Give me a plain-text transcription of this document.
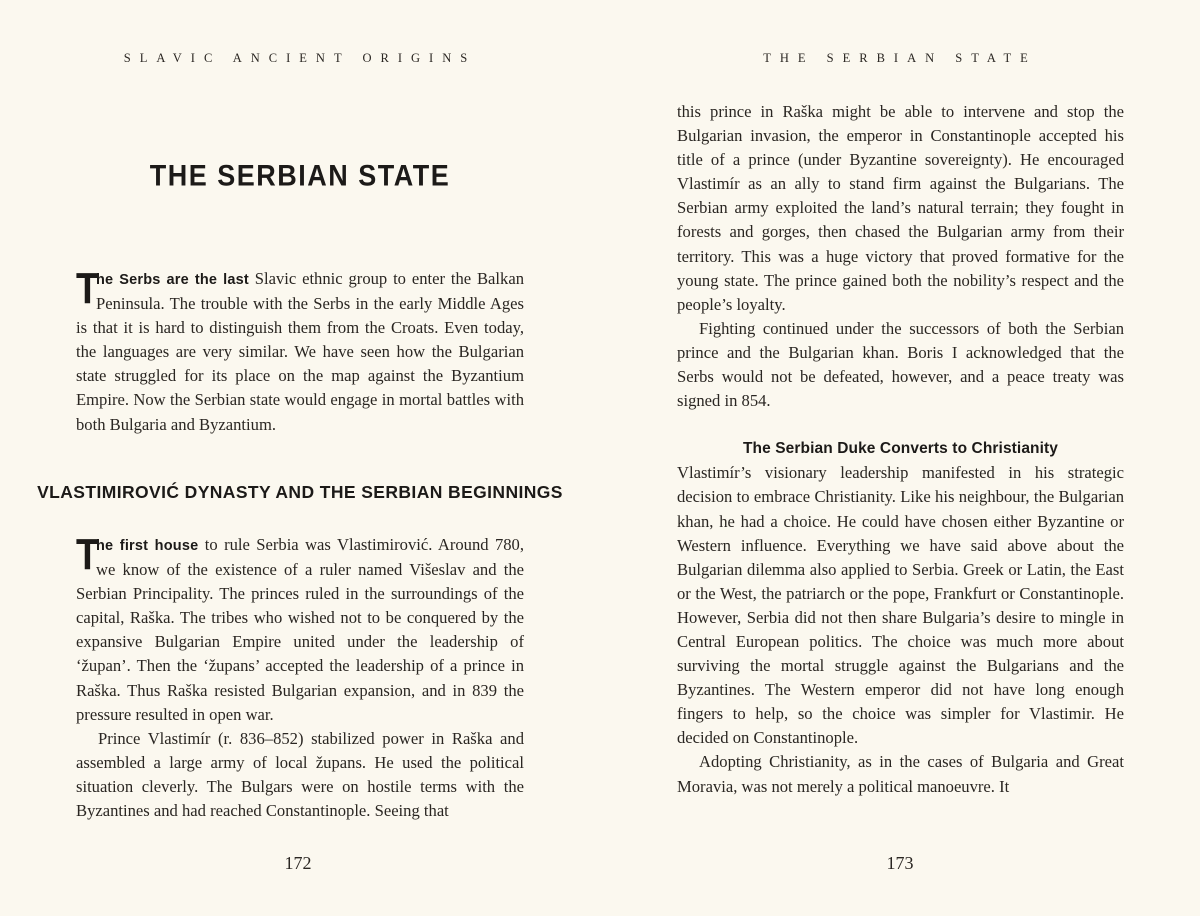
SLAVIC ANCIENT ORIGINS
THE SERBIAN STATE

T
he Serbs are the last Slavic ethnic group to enter the Balkan Peninsula. The trouble with the Serbs in the early Middle Ages is that it is hard to distinguish them from the Croats. Even today, the languages are very similar. We have seen how the Bulgarian state struggled for its place on the map against the Byzantium Empire. Now the Serbian state would engage in mortal battles with both Bulgaria and Byzantium.

VLASTIMIROVIĆ DYNASTY AND THE SERBIAN BEGINNINGS

T
he first house to rule Serbia was Vlastimirović. Around 780, we know of the existence of a ruler named Višeslav and the Serbian Principality. The princes ruled in the surroundings of the capital, Raška. The tribes who wished not to be conquered by the expansive Bulgarian Empire united under the leadership of ‘župan’. Then the ‘župans’ accepted the leadership of a prince in Raška. Thus Raška resisted Bulgarian expansion, and in 839 the pressure resulted in open war.

Prince Vlastimír (r. 836–852) stabilized power in Raška and assembled a large army of local župans. He used the political situation cleverly. The Bulgars were on hostile terms with the Byzantines and had reached Constantinople. Seeing that

172
THE SERBIAN STATE
173

this prince in Raška might be able to intervene and stop the Bulgarian invasion, the emperor in Constantinople accepted his title of a prince (under Byzantine sovereignty). He encouraged Vlastimír as an ally to stand firm against the Bulgarians. The Serbian army exploited the land’s natural terrain; they fought in forests and gorges, then chased the Bulgarian army from their territory. This was a huge victory that proved formative for the young state. The prince gained both the nobility’s respect and the people’s loyalty.

Fighting continued under the successors of both the Serbian prince and the Bulgarian khan. Boris I acknowledged that the Serbs would not be defeated, however, and a peace treaty was signed in 854.

The Serbian Duke Converts to Christianity

Vlastimír’s visionary leadership manifested in his strategic decision to embrace Christianity. Like his neighbour, the Bulgarian khan, he had a choice. He could have chosen either Byzantine or Western influence. Everything we have said above about the Bulgarian dilemma also applied to Serbia. Greek or Latin, the East or the West, the patriarch or the pope, Frankfurt or Constantinople. However, Serbia did not then share Bulgaria’s desire to mingle in Central European politics. The choice was much more about surviving the mortal struggle against the Bulgarians and the Byzantines. The Western emperor did not have long enough fingers to help, so the choice was simpler for Vlastimir. He decided on Constantinople.

Adopting Christianity, as in the cases of Bulgaria and Great Moravia, was not merely a political manoeuvre. It
